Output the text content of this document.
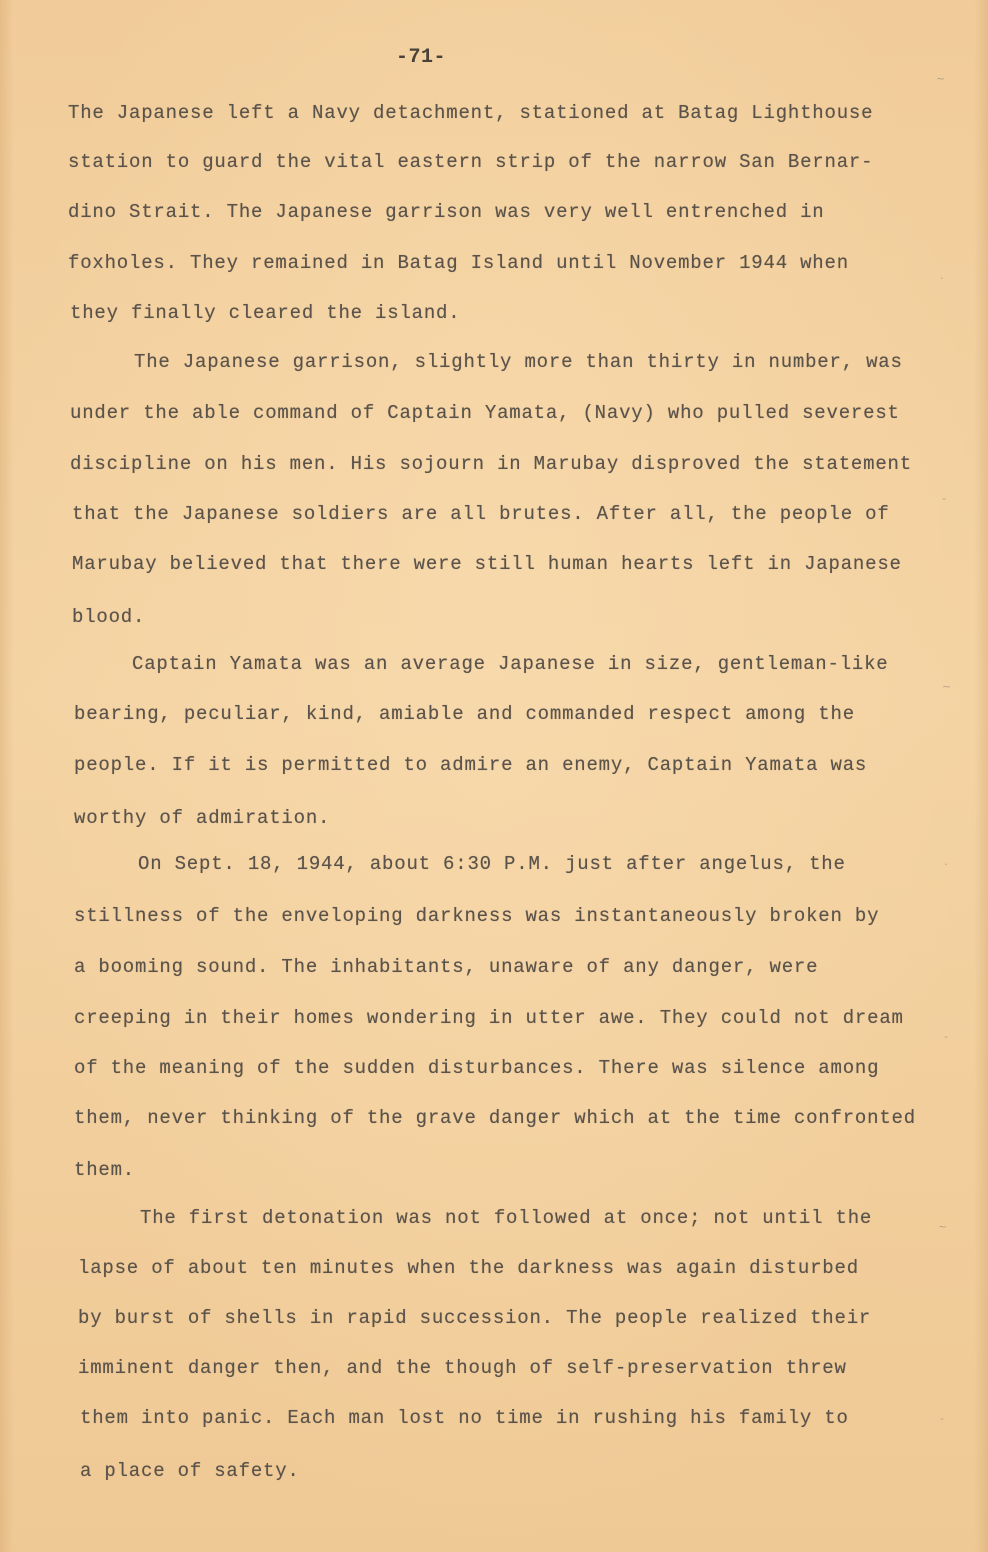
-71-
The Japanese left a Navy detachment, stationed at Batag Lighthouse
station to guard the vital eastern strip of the narrow San Bernar-
dino Strait. The Japanese garrison was very well entrenched in
foxholes. They remained in Batag Island until November 1944 when
they finally cleared the island.
The Japanese garrison, slightly more than thirty in number, was
under the able command of Captain Yamata, (Navy) who pulled severest
discipline on his men. His sojourn in Marubay disproved the statement
that the Japanese soldiers are all brutes. After all, the people of
Marubay believed that there were still human hearts left in Japanese
blood.
Captain Yamata was an average Japanese in size, gentleman-like
bearing, peculiar, kind, amiable and commanded respect among the
people. If it is permitted to admire an enemy, Captain Yamata was
worthy of admiration.
On Sept. 18, 1944, about 6:30 P.M. just after angelus, the
stillness of the enveloping darkness was instantaneously broken by
a booming sound. The inhabitants, unaware of any danger, were
creeping in their homes wondering in utter awe. They could not dream
of the meaning of the sudden disturbances. There was silence among
them, never thinking of the grave danger which at the time confronted
them.
The first detonation was not followed at once; not until the
lapse of about ten minutes when the darkness was again disturbed
by burst of shells in rapid succession. The people realized their
imminent danger then, and the though of self-preservation threw
them into panic. Each man lost no time in rushing his family to
a place of safety.
~
·
-
~
·
-
~
-
